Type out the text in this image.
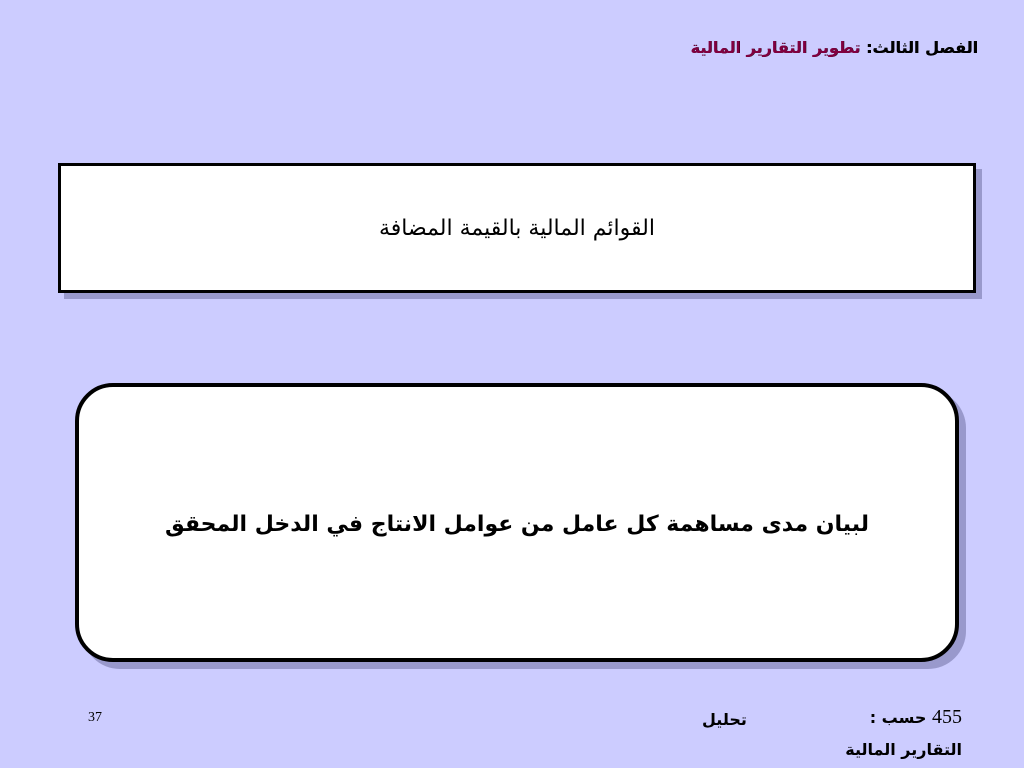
الفصل الثالث: تطوير التقارير المالية
القوائم المالية بالقيمة المضافة
لبيان مدى مساهمة كل عامل من عوامل الانتاج في الدخل المحقق
37	تحليل	455 حسب :
التقارير المالية
